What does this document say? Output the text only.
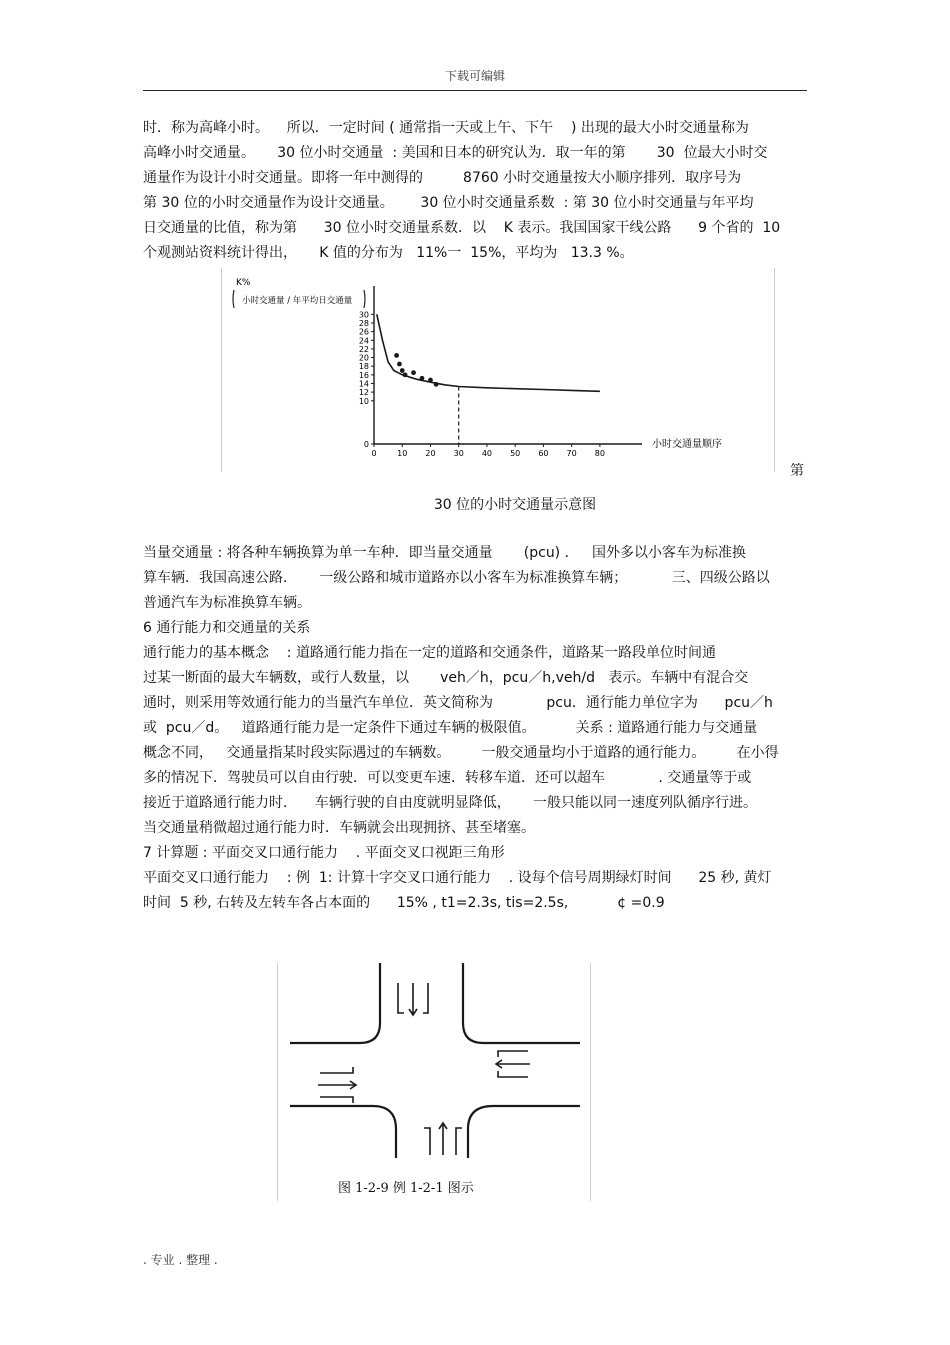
下载可编辑
时．称为高峰小时。    所以．一定时间 ( 通常指一天或上午、下午    ) 出现的最大小时交通量称为
高峰小时交通量。     30 位小时交通量  : 美国和日本的研究认为．取一年的第       30  位最大小时交
通量作为设计小时交通量。即将一年中测得的         8760 小时交通量按大小顺序排列．取序号为
第 30 位的小时交通量作为设计交通量。      30 位小时交通量系数  : 第 30 位小时交通量与年平均
日交通量的比值，称为第      30 位小时交通量系数．以    K 表示。我国国家干线公路      9 个省的  10
个观测站资料统计得出，     K 值的分布为   11%一  15%，平均为   13.3 %。
K%
小时交通量 / 年平均日交通量
小时交通量顺序
0	10 20 30 40 50 60 70 80
0
10
12
14
16
18
20
22
24
26
28
30
第
30 位的小时交通量示意图
当量交通量 : 将各种车辆换算为单一车种．即当量交通量       (pcu) ．   国外多以小客车为标准换
算车辆．我国高速公路．     一级公路和城市道路亦以小客车为标准换算车辆；          三、四级公路以
普通汽车为标准换算车辆。
6 通行能力和交通量的关系
通行能力的基本概念    : 道路通行能力指在一定的道路和交通条件，道路某一路段单位时间通
过某一断面的最大车辆数，或行人数量，以       veh／h，pcu／h,veh/d   表示。车辆中有混合交
通时，则采用等效通行能力的当量汽车单位．英文简称为            pcu．通行能力单位字为      pcu／h
或  pcu／d。   道路通行能力是一定条件下通过车辆的极限值。         关系 : 道路通行能力与交通量
概念不同，   交通量指某时段实际遇过的车辆数。       一般交通量均小于道路的通行能力。       在小得
多的情况下．驾驶员可以自由行驶．可以变更车速．转移车道．还可以超车            . 交通量等于或
接近于道路通行能力时．    车辆行驶的自由度就明显降低，     一般只能以同一速度列队循序行进。
当交通量稍微超过通行能力时．车辆就会出现拥挤、甚至堵塞。
7 计算题 : 平面交叉口通行能力    . 平面交叉口视距三角形
平面交叉口通行能力    : 例  1: 计算十字交叉口通行能力    . 设每个信号周期绿灯时间      25 秒, 黄灯
时间  5 秒, 右转及左转车各占本面的      15% , t1=2.3s, tis=2.5s,           ¢ =0.9
图 1-2-9 例 1-2-1 图示
. 专业 . 整理 .
